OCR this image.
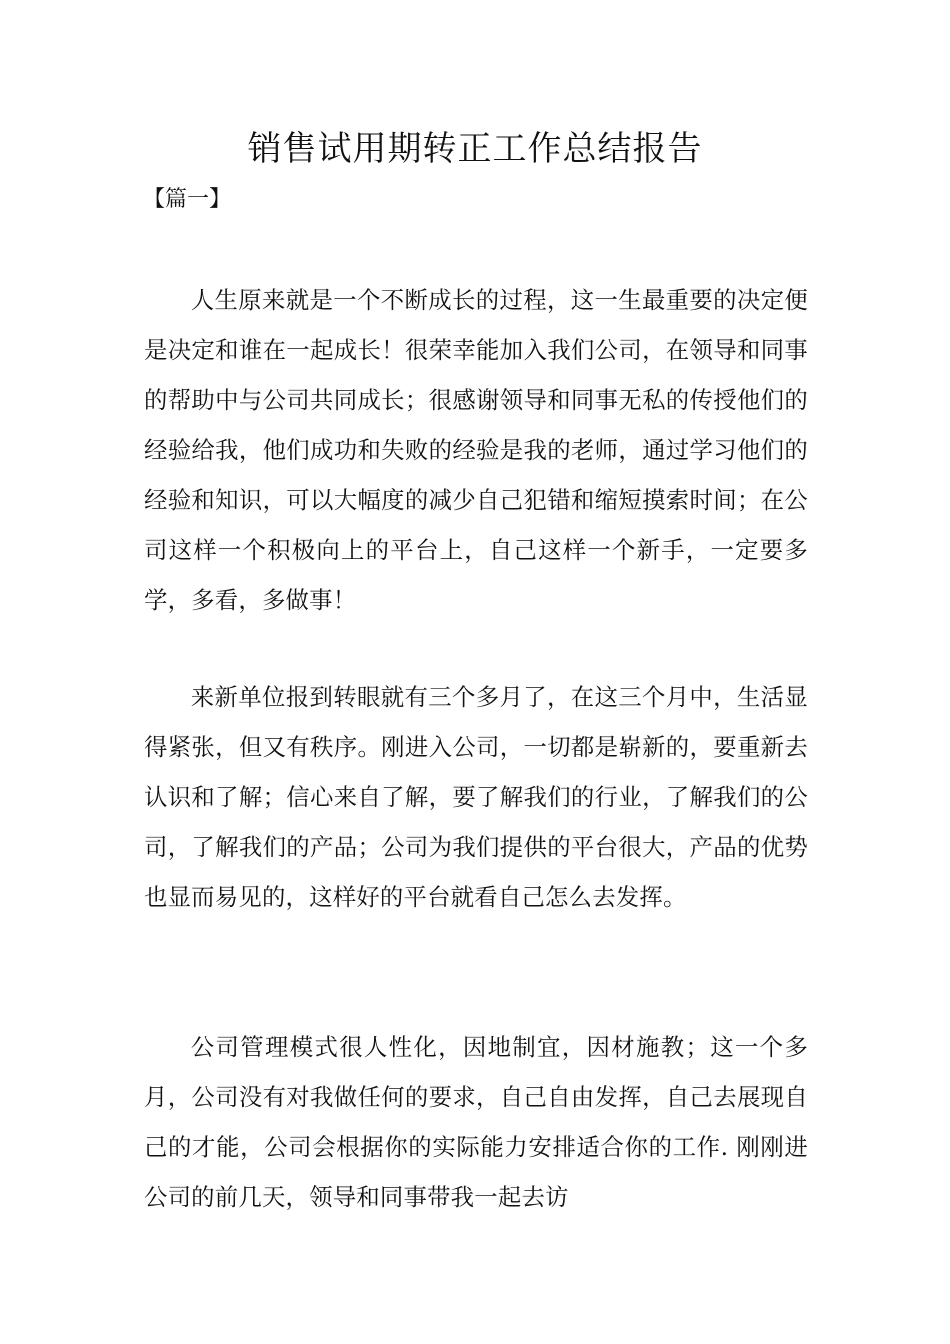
销售试用期转正工作总结报告
【篇一】

人生原来就是一个不断成长的过程，这一生最重要的决定便是决定和谁在一起成长！很荣幸能加入我们公司，在领导和同事的帮助中与公司共同成长；很感谢领导和同事无私的传授他们的经验给我，他们成功和失败的经验是我的老师，通过学习他们的经验和知识，可以大幅度的减少自己犯错和缩短摸索时间；在公司这样一个积极向上的平台上，自己这样一个新手，一定要多学，多看，多做事！

来新单位报到转眼就有三个多月了，在这三个月中，生活显得紧张，但又有秩序。刚进入公司，一切都是崭新的，要重新去认识和了解；信心来自了解，要了解我们的行业，了解我们的公司，了解我们的产品；公司为我们提供的平台很大，产品的优势也显而易见的，这样好的平台就看自己怎么去发挥。

公司管理模式很人性化，因地制宜，因材施教；这一个多月，公司没有对我做任何的要求，自己自由发挥，自己去展现自己的才能，公司会根据你的实际能力安排适合你的工作. 刚刚进公司的前几天，领导和同事带我一起去访
